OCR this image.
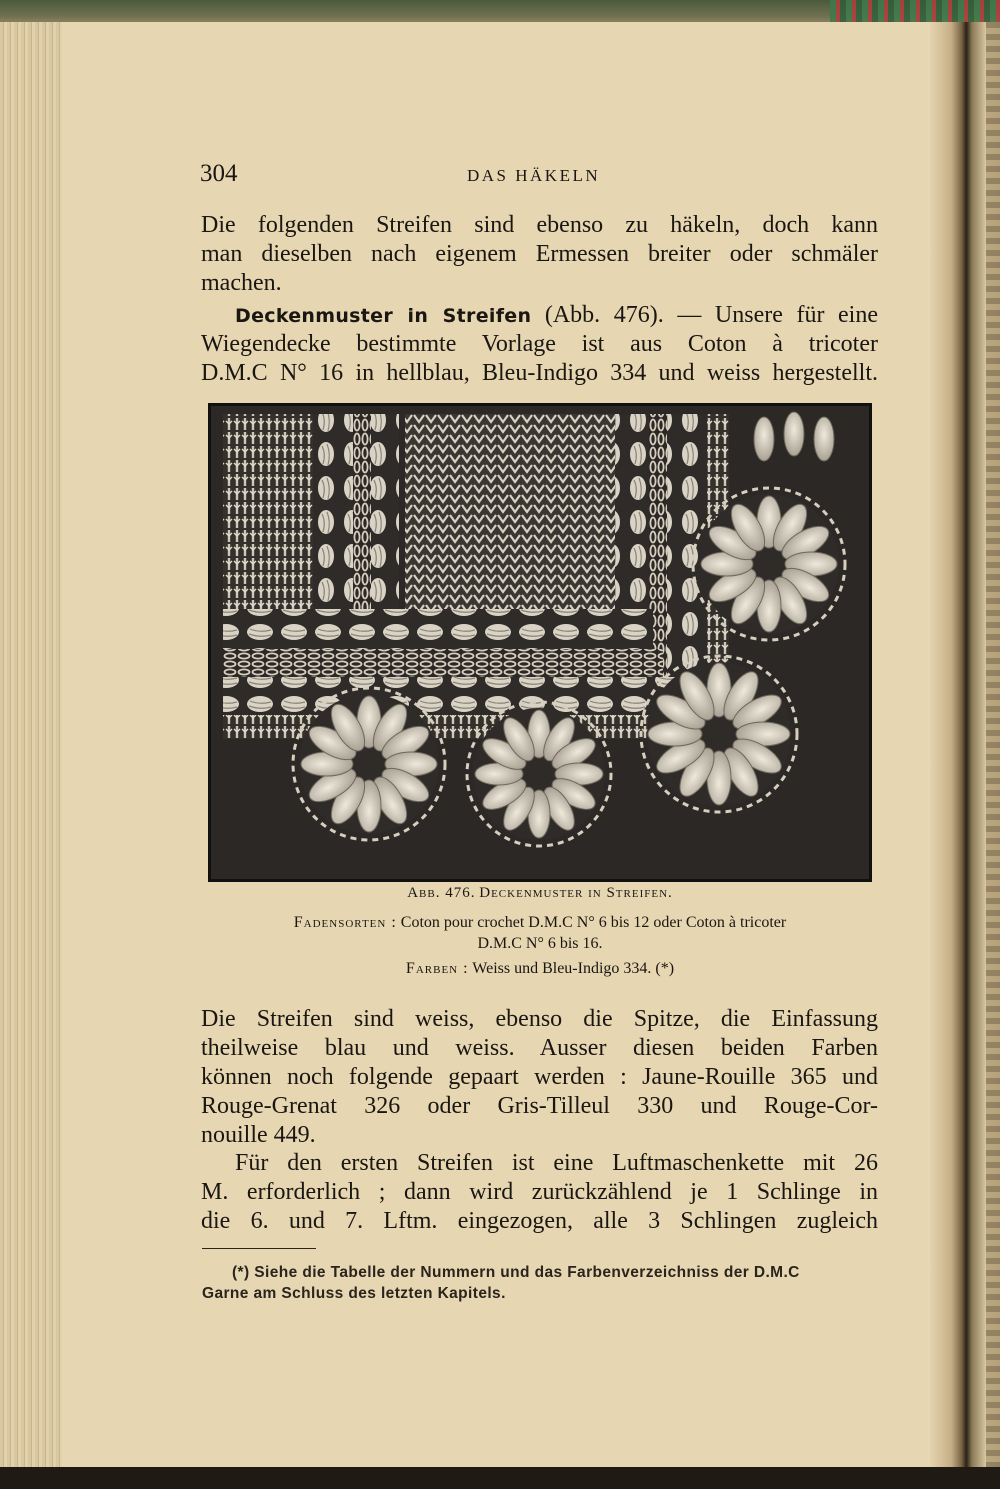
304	DAS HÄKELN
Die folgenden Streifen sind ebenso zu häkeln, doch kann
man dieselben nach eigenem Ermessen breiter oder schmäler
machen.
Deckenmuster in Streifen (Abb. 476). — Unsere für eine
Wiegendecke bestimmte Vorlage ist aus Coton à tricoter
D.M.C N° 16 in hellblau, Bleu-Indigo 334 und weiss hergestellt.
Abb. 476. Deckenmuster in Streifen.
Fadensorten : Coton pour crochet D.M.C N° 6 bis 12 oder Coton à tricoter
D.M.C N° 6 bis 16.
Farben : Weiss und Bleu-Indigo 334. (*)
Die Streifen sind weiss, ebenso die Spitze, die Einfassung
theilweise blau und weiss. Ausser diesen beiden Farben
können noch folgende gepaart werden : Jaune-Rouille 365 und
Rouge-Grenat 326 oder Gris-Tilleul 330 und Rouge-Cor-
nouille 449.
Für den ersten Streifen ist eine Luftmaschenkette mit 26
M. erforderlich ; dann wird zurückzählend je 1 Schlinge in
die 6. und 7. Lftm. eingezogen, alle 3 Schlingen zugleich
(*) Siehe die Tabelle der Nummern und das Farbenverzeichniss der D.M.C
Garne am Schluss des letzten Kapitels.
